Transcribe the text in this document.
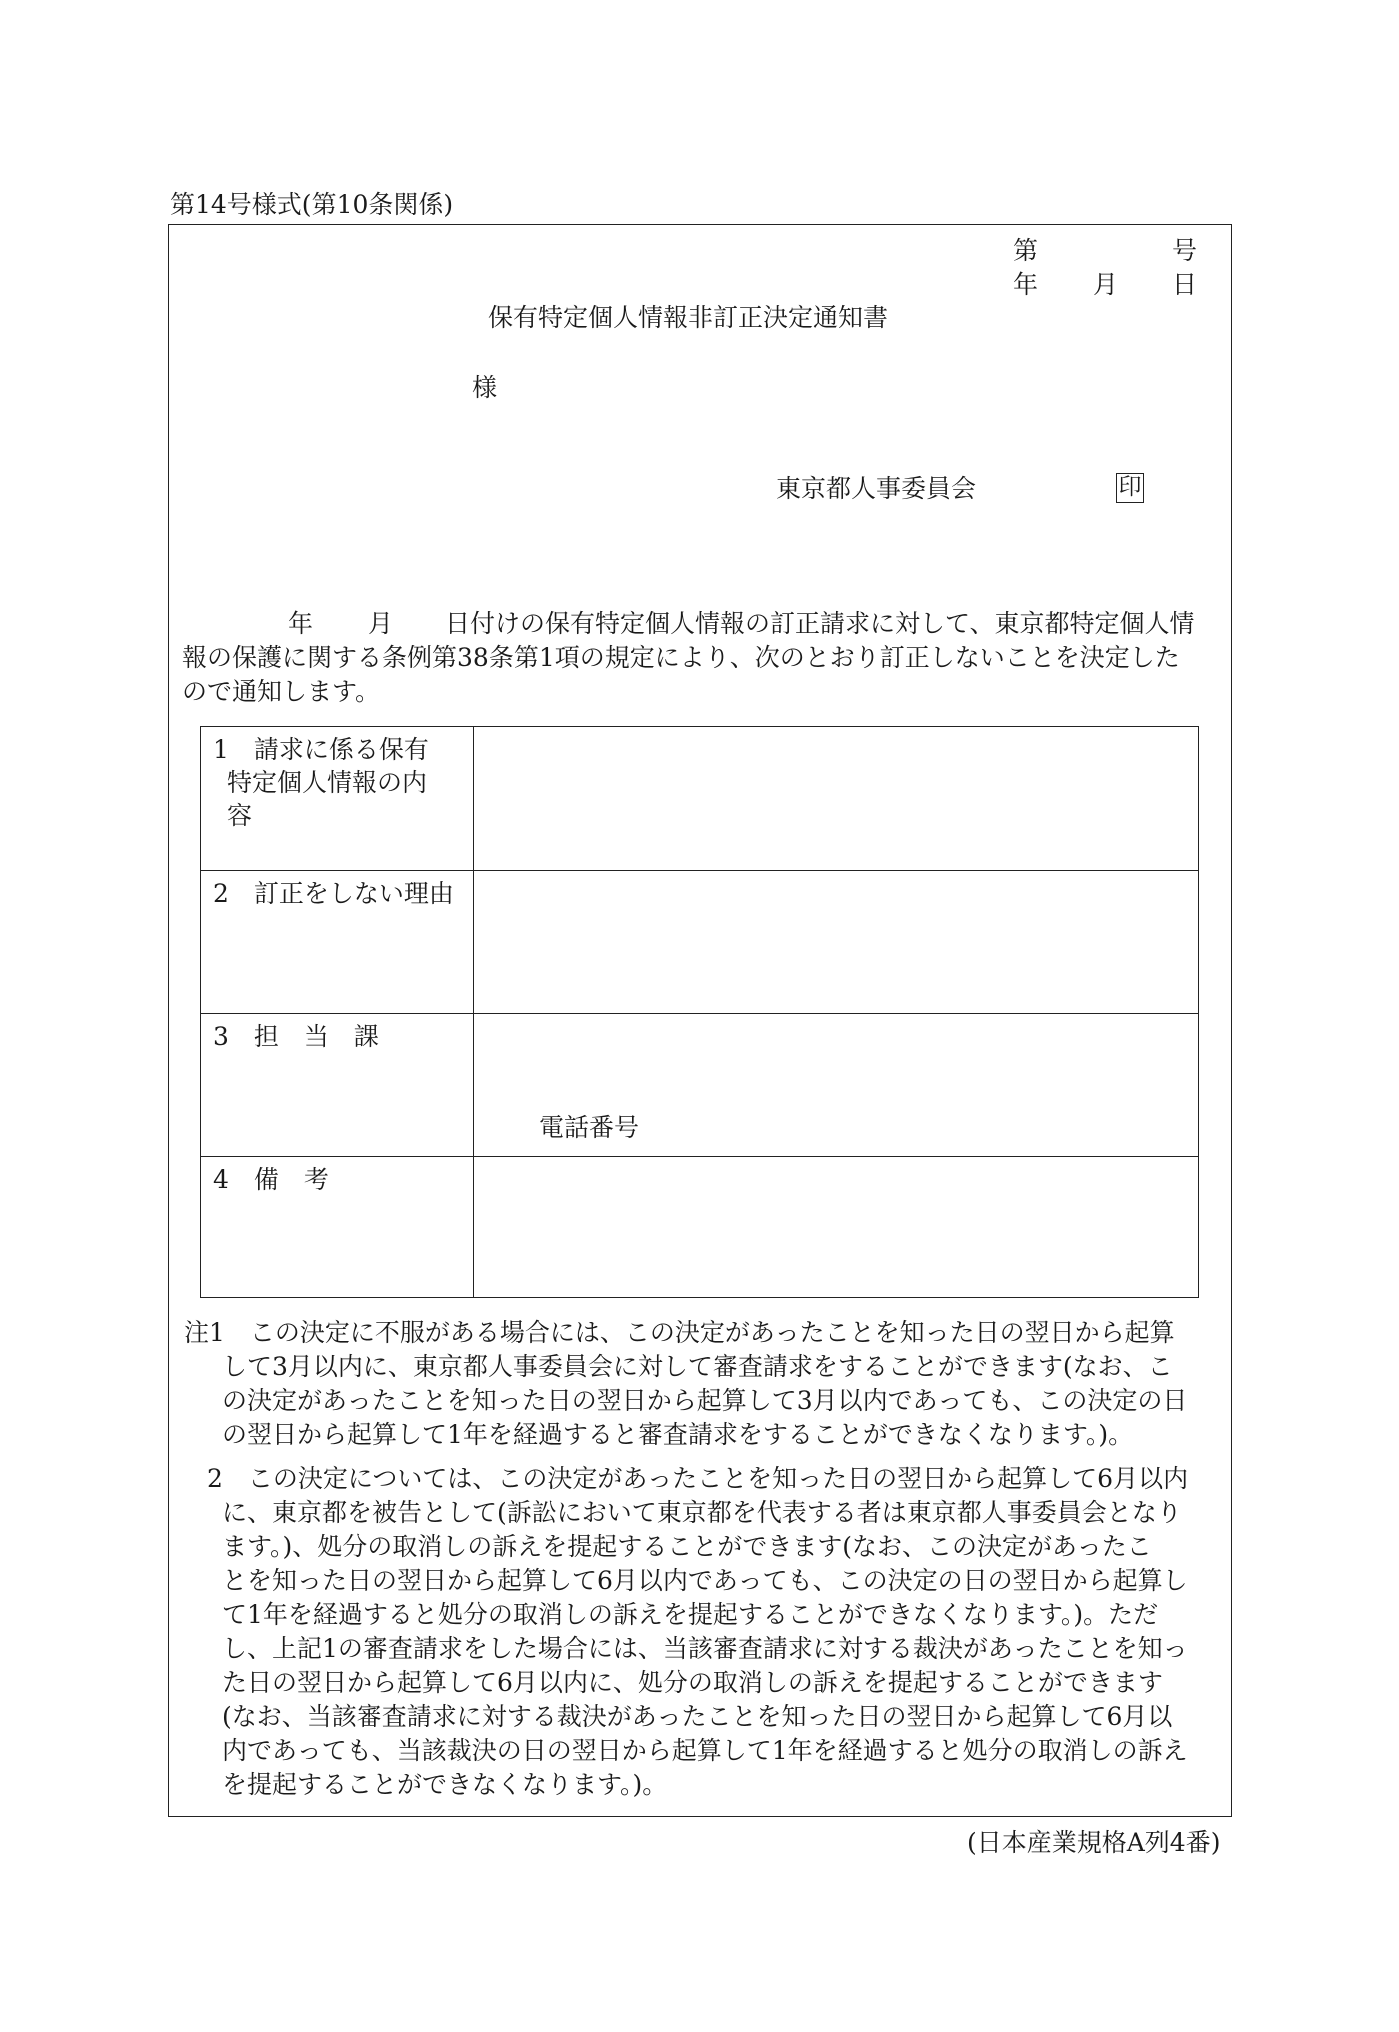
第14号様式(第10条関係)
第	号
年 月 日
保有特定個人情報非訂正決定通知書
様
東京都人事委員会	印
年 月 日付けの保有特定個人情報の訂正請求に対して、東京都特定個人情
報の保護に関する条例第38条第1項の規定により、次のとおり訂正しないことを決定した
ので通知します。
1　請求に係る保有
特定個人情報の内
容
2　訂正をしない理由
3　担　当　課
電話番号
4　備　考
注1　この決定に不服がある場合には、この決定があったことを知った日の翌日から起算
して3月以内に、東京都人事委員会に対して審査請求をすることができます(なお、こ
の決定があったことを知った日の翌日から起算して3月以内であっても、この決定の日
の翌日から起算して1年を経過すると審査請求をすることができなくなります。)。
2　この決定については、この決定があったことを知った日の翌日から起算して6月以内
に、東京都を被告として(訴訟において東京都を代表する者は東京都人事委員会となり
ます。)、処分の取消しの訴えを提起することができます(なお、この決定があったこ
とを知った日の翌日から起算して6月以内であっても、この決定の日の翌日から起算し
て1年を経過すると処分の取消しの訴えを提起することができなくなります。)。ただ
し、上記1の審査請求をした場合には、当該審査請求に対する裁決があったことを知っ
た日の翌日から起算して6月以内に、処分の取消しの訴えを提起することができます
(なお、当該審査請求に対する裁決があったことを知った日の翌日から起算して6月以
内であっても、当該裁決の日の翌日から起算して1年を経過すると処分の取消しの訴え
を提起することができなくなります。)。
(日本産業規格A列4番)
